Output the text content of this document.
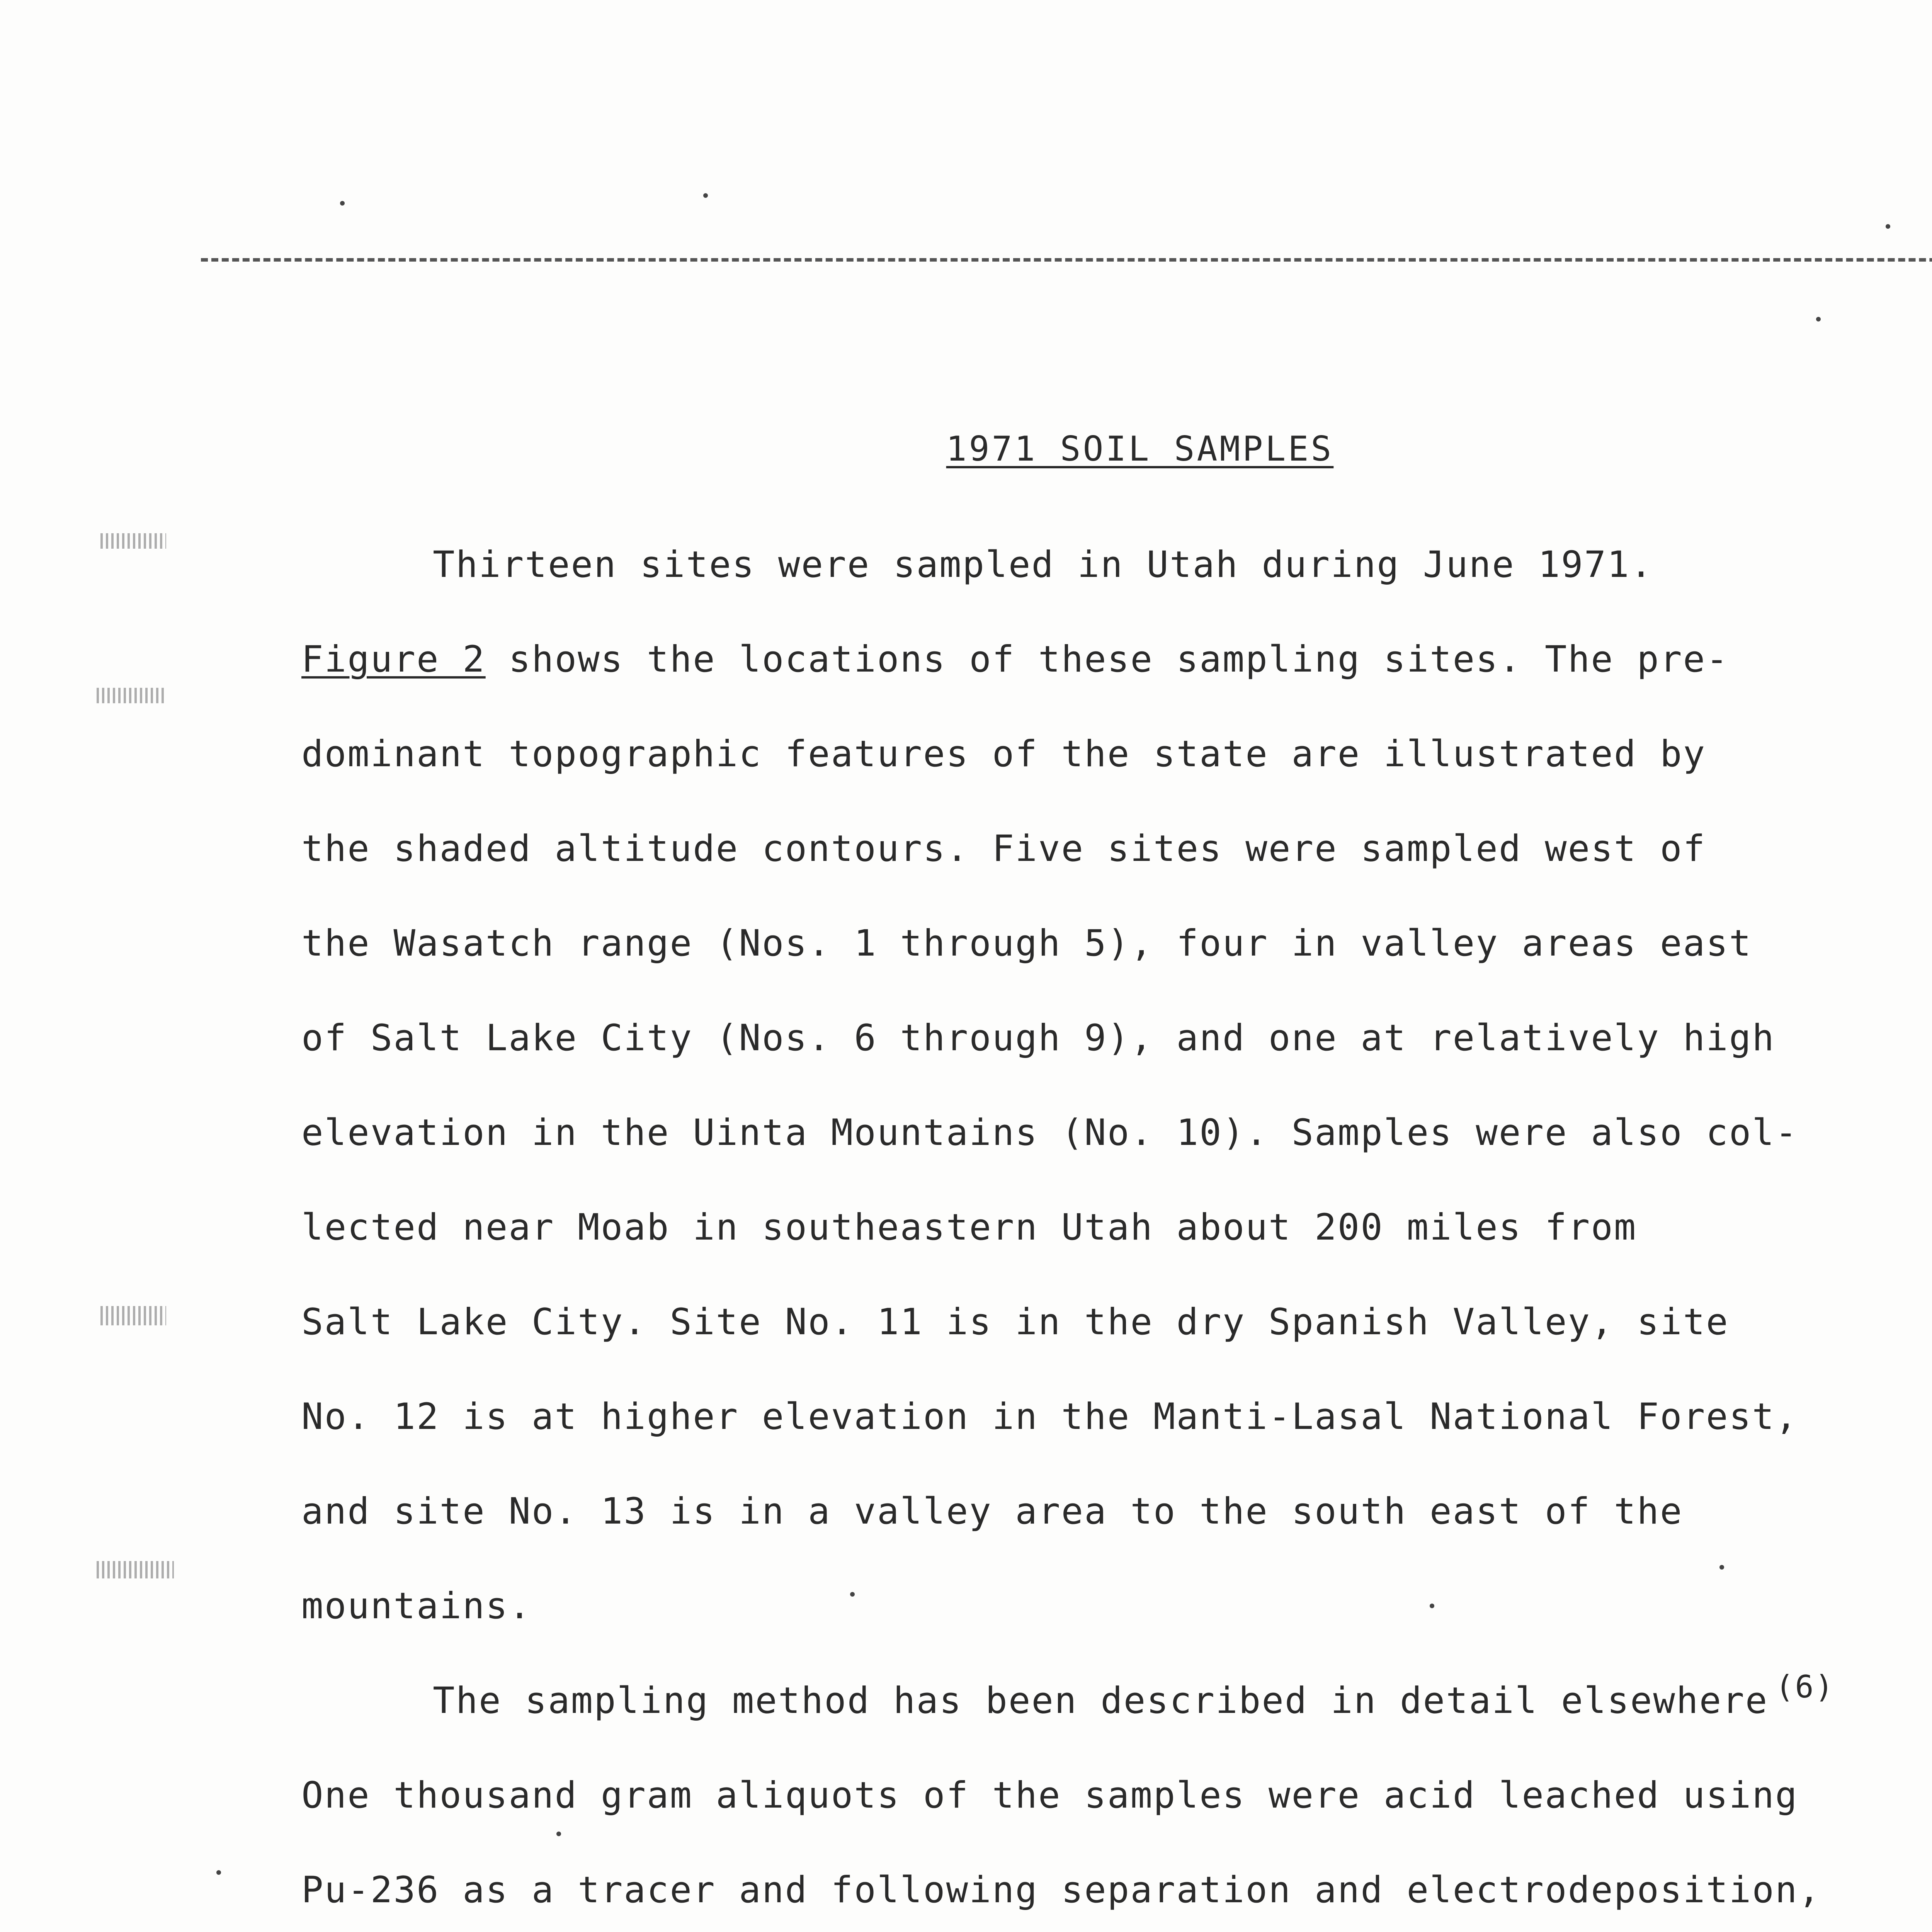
1971 SOIL SAMPLES
Thirteen sites were sampled in Utah during June 1971.
Figure 2 shows the locations of these sampling sites. The pre-
dominant topographic features of the state are illustrated by
the shaded altitude contours. Five sites were sampled west of
the Wasatch range (Nos. 1 through 5), four in valley areas east
of Salt Lake City (Nos. 6 through 9), and one at relatively high
elevation in the Uinta Mountains (No. 10). Samples were also col-
lected near Moab in southeastern Utah about 200 miles from
Salt Lake City. Site No. 11 is in the dry Spanish Valley, site
No. 12 is at higher elevation in the Manti-Lasal National Forest,
and site No. 13 is in a valley area to the south east of the
mountains.
The sampling method has been described in detail elsewhere (6)
One thousand gram aliquots of the samples were acid leached using
Pu-236 as a tracer and following separation and electrodeposition,
